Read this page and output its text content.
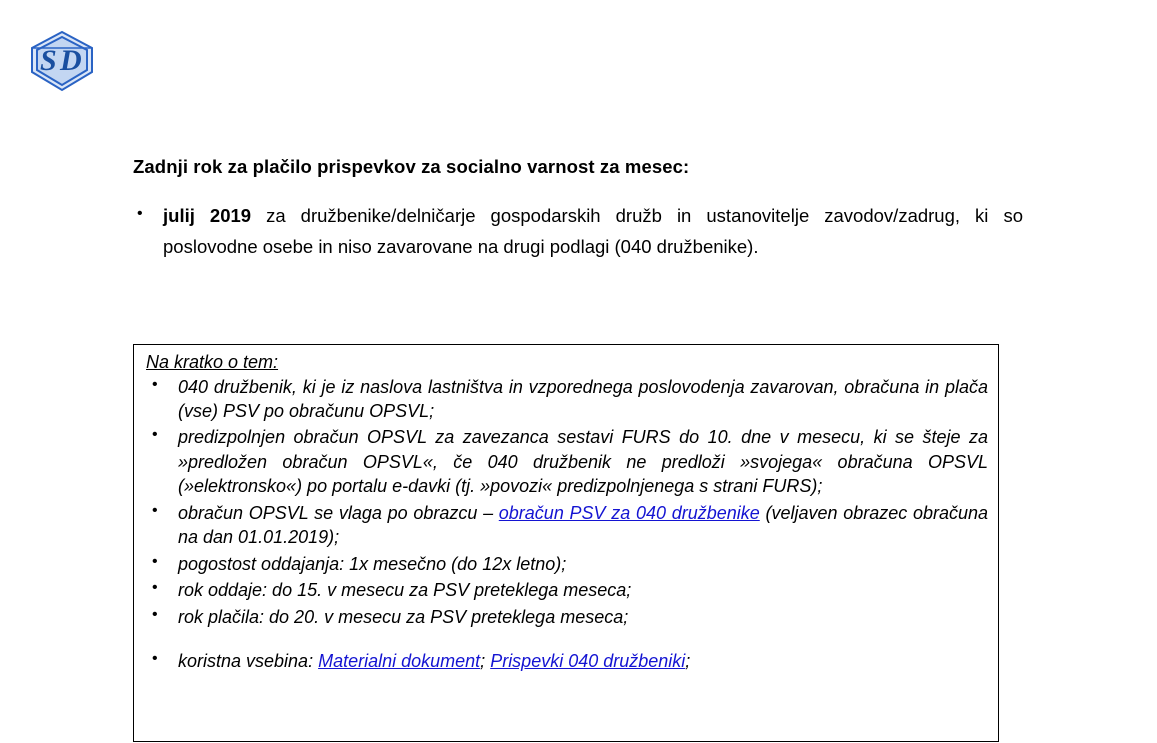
S D

Zadnji rok za plačilo prispevkov za socialno varnost za mesec:

• julij 2019 za družbenike/delničarje gospodarskih družb in ustanovitelje zavodov/zadrug, ki so poslovodne osebe in niso zavarovane na drugi podlagi (040 družbenike).
Na kratko o tem:
• 040 družbenik, ki je iz naslova lastništva in vzporednega poslovodenja zavarovan, obračuna in plača (vse) PSV po obračunu OPSVL;
• predizpolnjen obračun OPSVL za zavezanca sestavi FURS do 10. dne v mesecu, ki se šteje za »predložen obračun OPSVL«, če 040 družbenik ne predloži »svojega« obračuna OPSVL (»elektronsko«) po portalu e-davki (tj. »povozi« predizpolnjenega s strani FURS);
• obračun OPSVL se vlaga po obrazcu – obračun PSV za 040 družbenike (veljaven obrazec obračuna na dan 01.01.2019);
• pogostost oddajanja: 1x mesečno (do 12x letno);
• rok oddaje: do 15. v mesecu za PSV preteklega meseca;
• rok plačila: do 20. v mesecu za PSV preteklega meseca;
• koristna vsebina: Materialni dokument; Prispevki 040 družbeniki;
